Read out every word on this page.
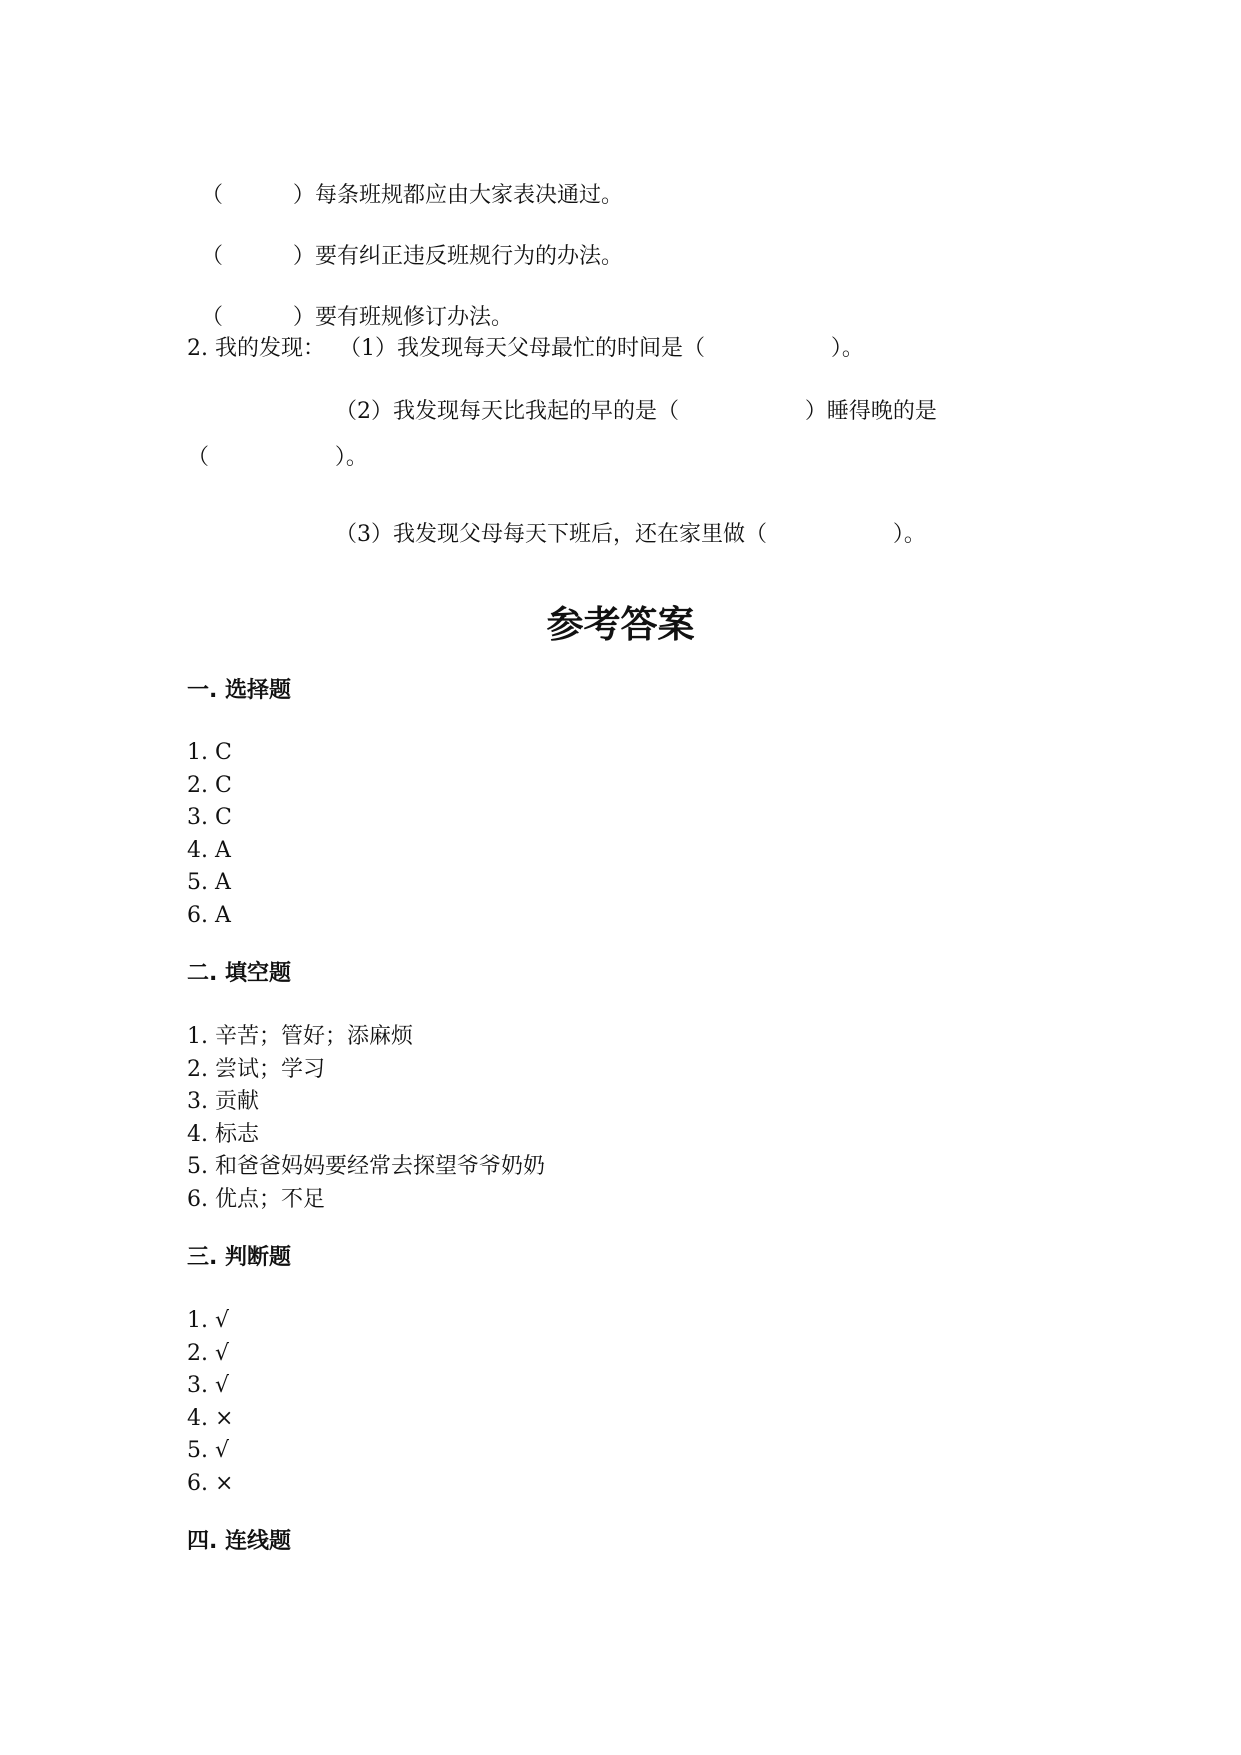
（          ）每条班规都应由大家表决通过。

（          ）要有纠正违反班规行为的办法。

（          ）要有班规修订办法。

2. 我的发现：  （1）我发现每天父母最忙的时间是（                  ）。
（2）我发现每天比我起的早的是（                  ）睡得晚的是
（                  ）。
（3）我发现父母每天下班后，还在家里做（                  ）。
参考答案
一. 选择题
1. C
2. C
3. C
4. A
5. A
6. A
二. 填空题
1. 辛苦；管好；添麻烦
2. 尝试；学习
3. 贡献
4. 标志
5. 和爸爸妈妈要经常去探望爷爷奶奶
6. 优点；不足
三. 判断题
1. √
2. √
3. √
4. ×
5. √
6. ×
四. 连线题
